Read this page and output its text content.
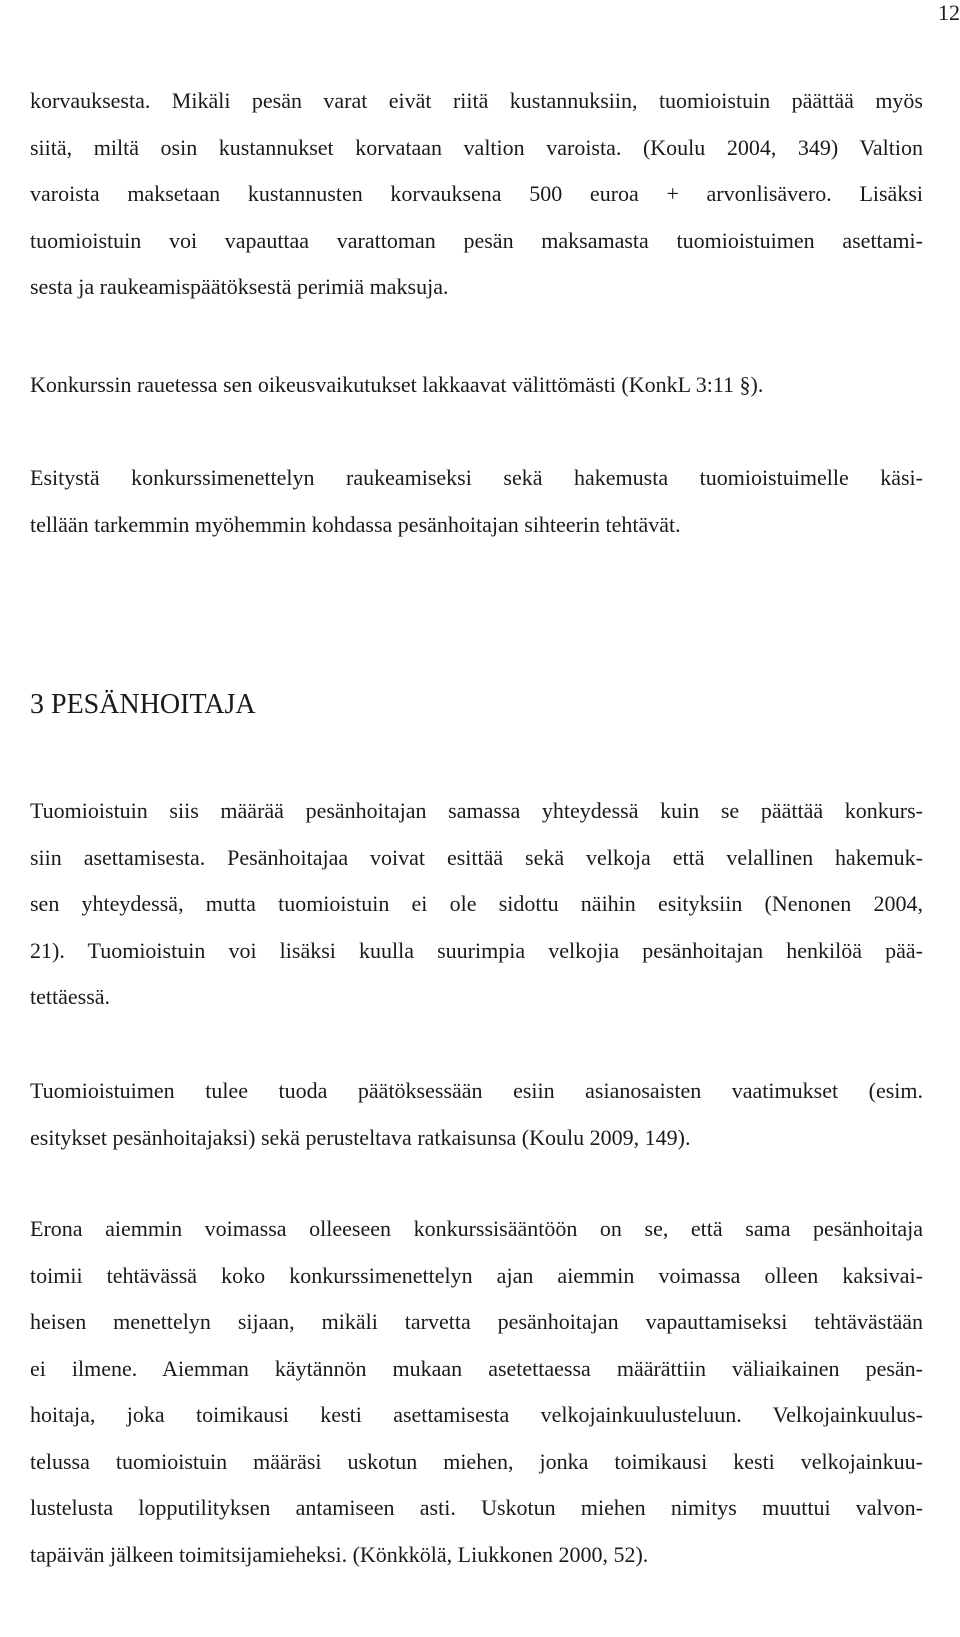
12
korvauksesta. Mikäli pesän varat eivät riitä kustannuksiin, tuomioistuin päättää myös
siitä, miltä osin kustannukset korvataan valtion varoista. (Koulu 2004, 349) Valtion
varoista maksetaan kustannusten korvauksena 500 euroa + arvonlisävero. Lisäksi
tuomioistuin voi vapauttaa varattoman pesän maksamasta tuomioistuimen asettami-
sesta ja raukeamispäätöksestä perimiä maksuja.
Konkurssin rauetessa sen oikeusvaikutukset lakkaavat välittömästi (KonkL 3:11 §).
Esitystä konkurssimenettelyn raukeamiseksi sekä hakemusta tuomioistuimelle käsi-
tellään tarkemmin myöhemmin kohdassa pesänhoitajan sihteerin tehtävät.
3 PESÄNHOITAJA
Tuomioistuin siis määrää pesänhoitajan samassa yhteydessä kuin se päättää konkurs-
siin asettamisesta. Pesänhoitajaa voivat esittää sekä velkoja että velallinen hakemuk-
sen yhteydessä, mutta tuomioistuin ei ole sidottu näihin esityksiin (Nenonen 2004,
21). Tuomioistuin voi lisäksi kuulla suurimpia velkojia pesänhoitajan henkilöä pää-
tettäessä.
Tuomioistuimen tulee tuoda päätöksessään esiin asianosaisten vaatimukset (esim.
esitykset pesänhoitajaksi) sekä perusteltava ratkaisunsa (Koulu 2009, 149).
Erona aiemmin voimassa olleeseen konkurssisääntöön on se, että sama pesänhoitaja
toimii tehtävässä koko konkurssimenettelyn ajan aiemmin voimassa olleen kaksivai-
heisen menettelyn sijaan, mikäli tarvetta pesänhoitajan vapauttamiseksi tehtävästään
ei ilmene. Aiemman käytännön mukaan asetettaessa määrättiin väliaikainen pesän-
hoitaja, joka toimikausi kesti asettamisesta velkojainkuulusteluun. Velkojainkuulus-
telussa tuomioistuin määräsi uskotun miehen, jonka toimikausi kesti velkojainkuu-
lustelusta lopputilityksen antamiseen asti. Uskotun miehen nimitys muuttui valvon-
tapäivän jälkeen toimitsijamieheksi. (Könkkölä, Liukkonen 2000, 52).
